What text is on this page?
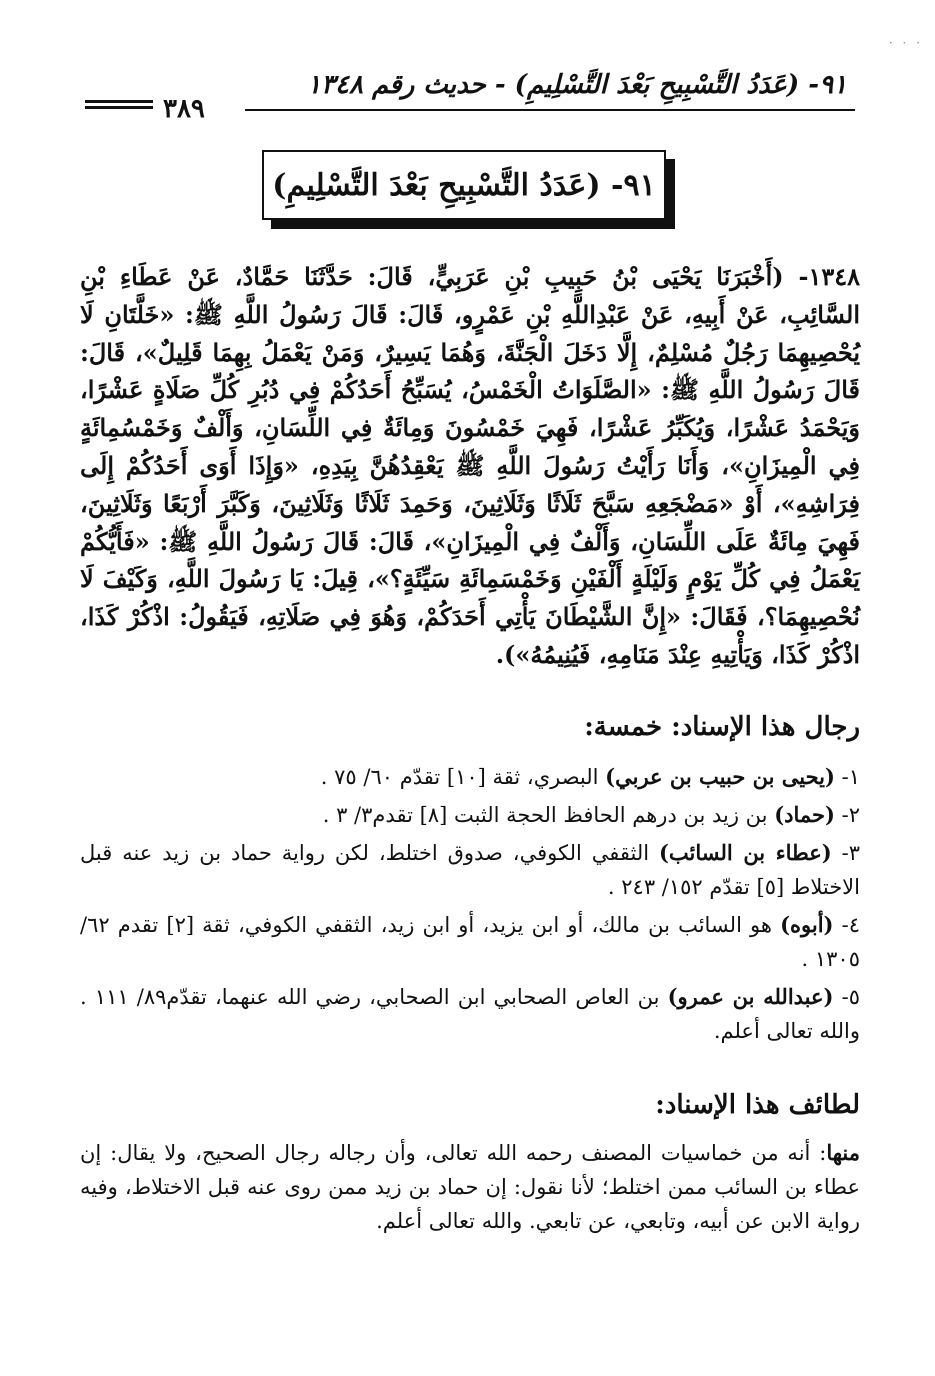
· · ·
٩١- (عَدَدُ التَّسْبِيحِ بَعْدَ التَّسْلِيمِ) - حديث رقم ١٣٤٨
٣٨٩
٩١- (عَدَدُ التَّسْبِيحِ بَعْدَ التَّسْلِيمِ)
١٣٤٨- (أَخْبَرَنَا يَحْيَى بْنُ حَبِيبِ بْنِ عَرَبِيٍّ، قَالَ: حَدَّثَنَا حَمَّادٌ، عَنْ عَطَاءِ بْنِ السَّائِبِ، عَنْ أَبِيهِ، عَنْ عَبْدِاللَّهِ بْنِ عَمْرٍو، قَالَ: قَالَ رَسُولُ اللَّهِ ﷺ: «خَلَّتَانِ لَا يُحْصِيهِمَا رَجُلٌ مُسْلِمٌ، إِلَّا دَخَلَ الْجَنَّةَ، وَهُمَا يَسِيرٌ، وَمَنْ يَعْمَلُ بِهِمَا قَلِيلٌ»، قَالَ: قَالَ رَسُولُ اللَّهِ ﷺ: «الصَّلَوَاتُ الْخَمْسُ، يُسَبِّحُ أَحَدُكُمْ فِي دُبُرِ كُلِّ صَلَاةٍ عَشْرًا، وَيَحْمَدُ عَشْرًا، وَيُكَبِّرُ عَشْرًا، فَهِيَ خَمْسُونَ وَمِائَةٌ فِي اللِّسَانِ، وَأَلْفٌ وَخَمْسُمِائَةٍ فِي الْمِيزَانِ»، وَأَنَا رَأَيْتُ رَسُولَ اللَّهِ ﷺ يَعْقِدُهُنَّ بِيَدِهِ، «وَإِذَا أَوَى أَحَدُكُمْ إِلَى فِرَاشِهِ»، أَوْ «مَضْجَعِهِ سَبَّحَ ثَلَاثًا وَثَلَاثِينَ، وَحَمِدَ ثَلَاثًا وَثَلَاثِينَ، وَكَبَّرَ أَرْبَعًا وَثَلَاثِينَ، فَهِيَ مِائَةٌ عَلَى اللِّسَانِ، وَأَلْفٌ فِي الْمِيزَانِ»، قَالَ: قَالَ رَسُولُ اللَّهِ ﷺ: «فَأَيُّكُمْ يَعْمَلُ فِي كُلِّ يَوْمٍ وَلَيْلَةٍ أَلْفَيْنِ وَخَمْسَمِائَةِ سَيِّئَةٍ؟»، قِيلَ: يَا رَسُولَ اللَّهِ، وَكَيْفَ لَا نُحْصِيهِمَا؟، فَقَالَ: «إِنَّ الشَّيْطَانَ يَأْتِي أَحَدَكُمْ، وَهُوَ فِي صَلَاتِهِ، فَيَقُولُ: اذْكُرْ كَذَا، اذْكُرْ كَذَا، وَيَأْتِيهِ عِنْدَ مَنَامِهِ، فَيُنِيمُهُ»).
رجال هذا الإسناد: خمسة:

١- (يحيى بن حبيب بن عربي) البصري، ثقة [١٠] تقدّم ٦٠/ ٧٥ .

٢- (حماد) بن زيد بن درهم الحافظ الحجة الثبت [٨] تقدم٣/ ٣ .

٣- (عطاء بن السائب) الثقفي الكوفي، صدوق اختلط، لكن رواية حماد بن زيد عنه قبل الاختلاط [٥] تقدّم ١٥٢/ ٢٤٣ .

٤- (أبوه) هو السائب بن مالك، أو ابن يزيد، أو ابن زيد، الثقفي الكوفي، ثقة [٢] تقدم ٦٢/ ١٣٠٥ .

٥- (عبدالله بن عمرو) بن العاص الصحابي ابن الصحابي، رضي الله عنهما، تقدّم٨٩/ ١١١ . والله تعالى أعلم.

لطائف هذا الإسناد:

منها: أنه من خماسيات المصنف رحمه الله تعالى، وأن رجاله رجال الصحيح، ولا يقال: إن عطاء بن السائب ممن اختلط؛ لأنا نقول: إن حماد بن زيد ممن روى عنه قبل الاختلاط، وفيه رواية الابن عن أبيه، وتابعي، عن تابعي. والله تعالى أعلم.
